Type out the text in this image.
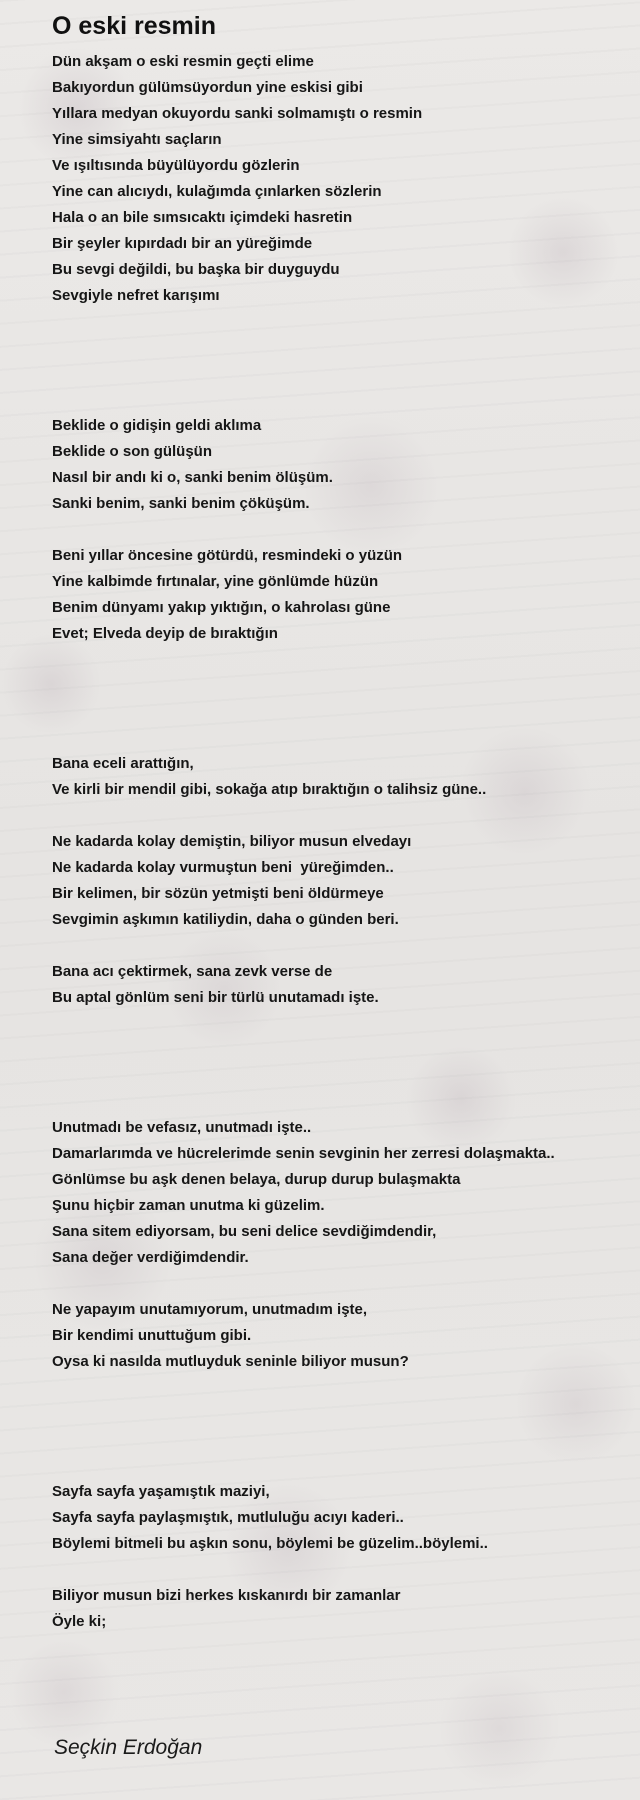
O eski resmin
Dün akşam o eski resmin geçti elime
Bakıyordun gülümsüyordun yine eskisi gibi
Yıllara medyan okuyordu sanki solmamıştı o resmin
Yine simsiyahtı saçların
Ve ışıltısında büyülüyordu gözlerin
Yine can alıcıydı, kulağımda çınlarken sözlerin
Hala o an bile sımsıcaktı içimdeki hasretin
Bir şeyler kıpırdadı bir an yüreğimde
Bu sevgi değildi, bu başka bir duyguydu
Sevgiyle nefret karışımı
Beklide o gidişin geldi aklıma
Beklide o son gülüşün
Nasıl bir andı ki o, sanki benim ölüşüm.
Sanki benim, sanki benim çöküşüm.
Beni yıllar öncesine götürdü, resmindeki o yüzün
Yine kalbimde fırtınalar, yine gönlümde hüzün
Benim dünyamı yakıp yıktığın, o kahrolası güne
Evet; Elveda deyip de bıraktığın
Bana eceli arattığın,
Ve kirli bir mendil gibi, sokağa atıp bıraktığın o talihsiz güne..
Ne kadarda kolay demiştin, biliyor musun elvedayı
Ne kadarda kolay vurmuştun beni  yüreğimden..
Bir kelimen, bir sözün yetmişti beni öldürmeye
Sevgimin aşkımın katiliydin, daha o günden beri.
Bana acı çektirmek, sana zevk verse de
Bu aptal gönlüm seni bir türlü unutamadı işte.
Unutmadı be vefasız, unutmadı işte..
Damarlarımda ve hücrelerimde senin sevginin her zerresi dolaşmakta..
Gönlümse bu aşk denen belaya, durup durup bulaşmakta
Şunu hiçbir zaman unutma ki güzelim.
Sana sitem ediyorsam, bu seni delice sevdiğimdendir,
Sana değer verdiğimdendir.
Ne yapayım unutamıyorum, unutmadım işte,
Bir kendimi unuttuğum gibi.
Oysa ki nasılda mutluyduk seninle biliyor musun?
Sayfa sayfa yaşamıştık maziyi,
Sayfa sayfa paylaşmıştık, mutluluğu acıyı kaderi..
Böylemi bitmeli bu aşkın sonu, böylemi be güzelim..böylemi..
Biliyor musun bizi herkes kıskanırdı bir zamanlar
Öyle ki;
Seçkin Erdoğan
